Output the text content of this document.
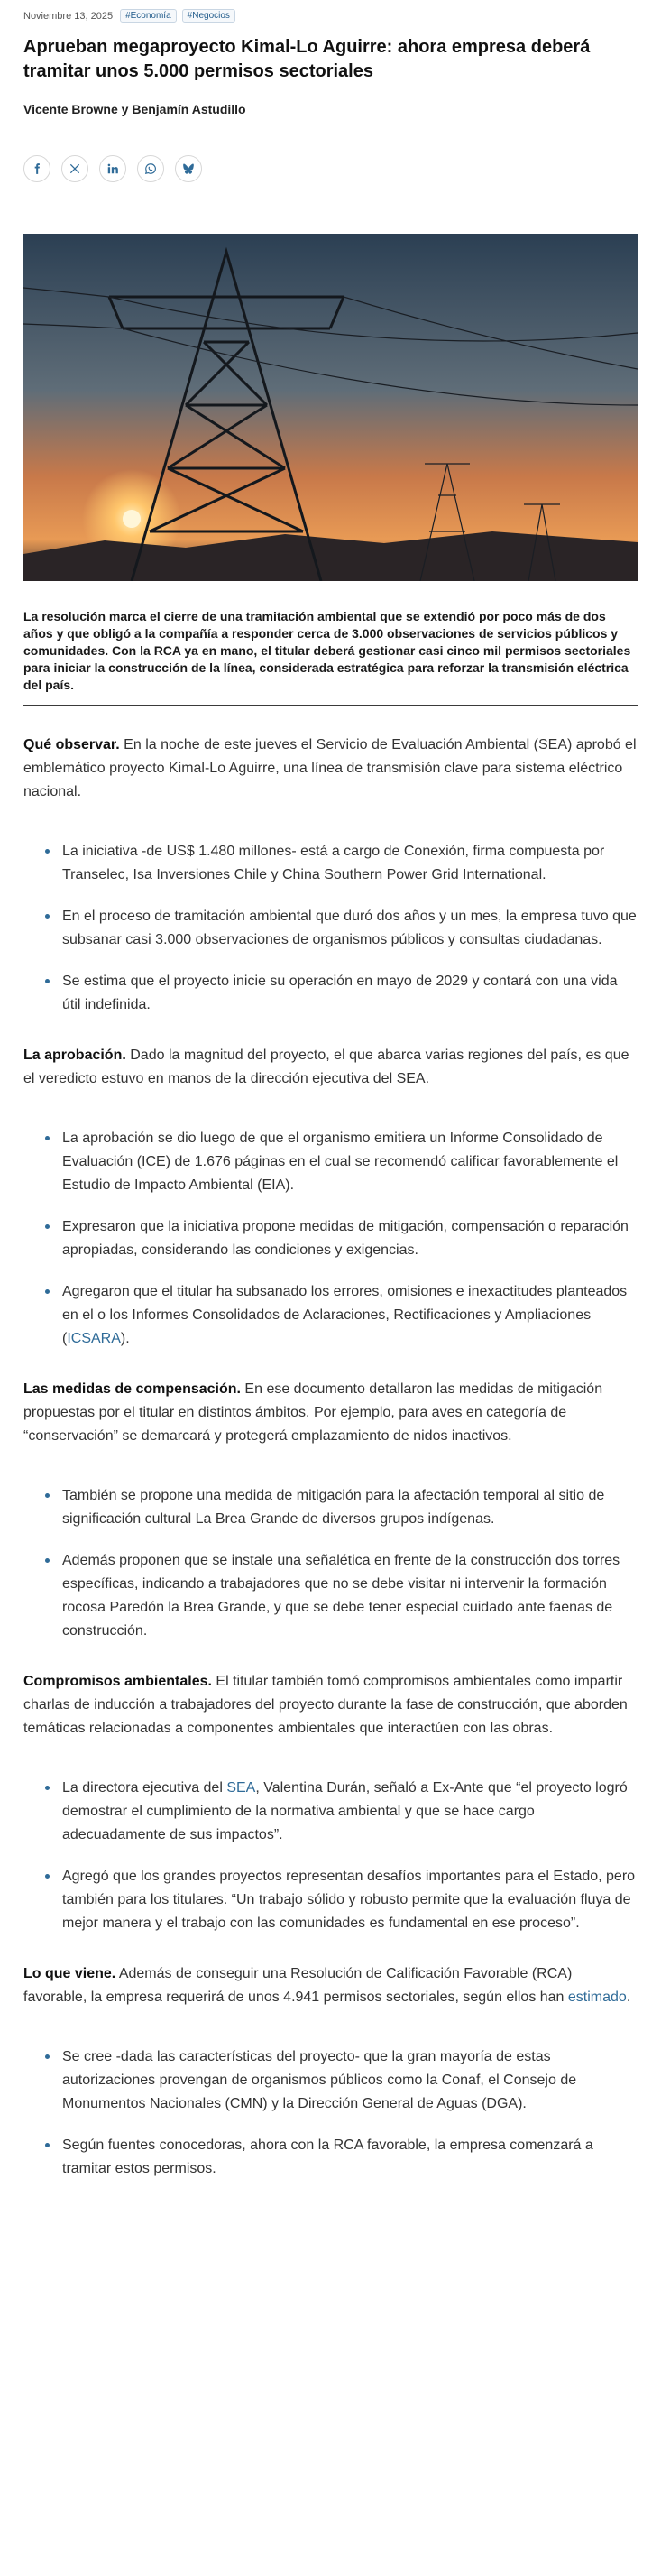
Noviembre 13, 2025	#Economía	#Negocios
Aprueban megaproyecto Kimal-Lo Aguirre: ahora empresa deberá tramitar unos 5.000 permisos sectoriales
Vicente Browne y Benjamín Astudillo
La resolución marca el cierre de una tramitación ambiental que se extendió por poco más de dos años y que obligó a la compañía a responder cerca de 3.000 observaciones de servicios públicos y comunidades. Con la RCA ya en mano, el titular deberá gestionar casi cinco mil permisos sectoriales para iniciar la construcción de la línea, considerada estratégica para reforzar la transmisión eléctrica del país.
Qué observar. En la noche de este jueves el Servicio de Evaluación Ambiental (SEA) aprobó el emblemático proyecto Kimal-Lo Aguirre, una línea de transmisión clave para sistema eléctrico nacional.
La iniciativa -de US$ 1.480 millones- está a cargo de Conexión, firma compuesta por Transelec, Isa Inversiones Chile y China Southern Power Grid International.
En el proceso de tramitación ambiental que duró dos años y un mes, la empresa tuvo que subsanar casi 3.000 observaciones de organismos públicos y consultas ciudadanas.
Se estima que el proyecto inicie su operación en mayo de 2029 y contará con una vida útil indefinida.
La aprobación. Dado la magnitud del proyecto, el que abarca varias regiones del país, es que el veredicto estuvo en manos de la dirección ejecutiva del SEA.
La aprobación se dio luego de que el organismo emitiera un Informe Consolidado de Evaluación (ICE) de 1.676 páginas en el cual se recomendó calificar favorablemente el Estudio de Impacto Ambiental (EIA).
Expresaron que la iniciativa propone medidas de mitigación, compensación o reparación apropiadas, considerando las condiciones y exigencias.
Agregaron que el titular ha subsanado los errores, omisiones e inexactitudes planteados en el o los Informes Consolidados de Aclaraciones, Rectificaciones y Ampliaciones (ICSARA).
Las medidas de compensación. En ese documento detallaron las medidas de mitigación propuestas por el titular en distintos ámbitos. Por ejemplo, para aves en categoría de “conservación” se demarcará y protegerá emplazamiento de nidos inactivos.
También se propone una medida de mitigación para la afectación temporal al sitio de significación cultural La Brea Grande de diversos grupos indígenas.
Además proponen que se instale una señalética en frente de la construcción dos torres específicas, indicando a trabajadores que no se debe visitar ni intervenir la formación rocosa Paredón la Brea Grande, y que se debe tener especial cuidado ante faenas de construcción.
Compromisos ambientales. El titular también tomó compromisos ambientales como impartir charlas de inducción a trabajadores del proyecto durante la fase de construcción, que aborden temáticas relacionadas a componentes ambientales que interactúen con las obras.
La directora ejecutiva del SEA, Valentina Durán, señaló a Ex-Ante que “el proyecto logró demostrar el cumplimiento de la normativa ambiental y que se hace cargo adecuadamente de sus impactos”.
Agregó que los grandes proyectos representan desafíos importantes para el Estado, pero también para los titulares. “Un trabajo sólido y robusto permite que la evaluación fluya de mejor manera y el trabajo con las comunidades es fundamental en ese proceso”.
Lo que viene. Además de conseguir una Resolución de Calificación Favorable (RCA) favorable, la empresa requerirá de unos 4.941 permisos sectoriales, según ellos han estimado.
Se cree -dada las características del proyecto- que la gran mayoría de estas autorizaciones provengan de organismos públicos como la Conaf, el Consejo de Monumentos Nacionales (CMN) y la Dirección General de Aguas (DGA).
Según fuentes conocedoras, ahora con la RCA favorable, la empresa comenzará a tramitar estos permisos.
